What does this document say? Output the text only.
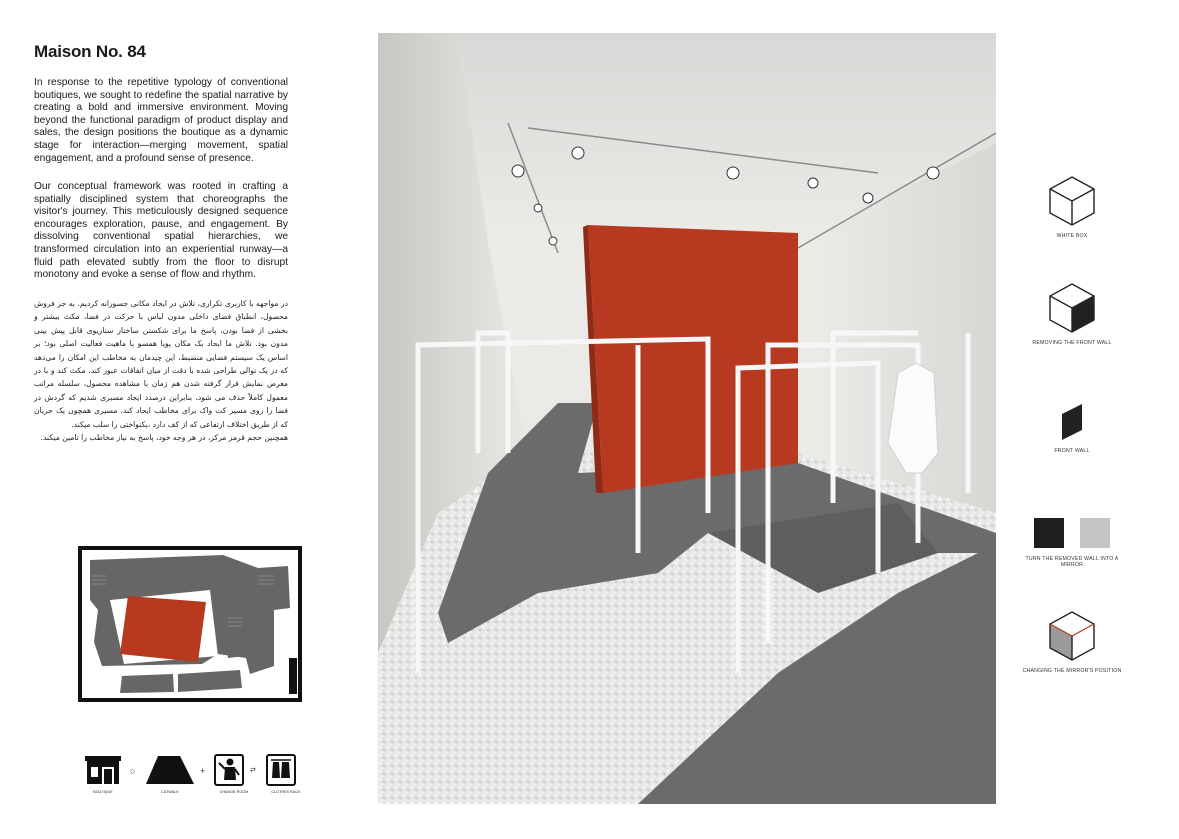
Maison No. 84

In response to the repetitive typology of conventional boutiques, we sought to redefine the spatial narrative by creating a bold and immersive environment. Moving beyond the functional paradigm of product display and sales, the design positions the boutique as a dynamic stage for interaction—merging movement, spatial engagement, and a profound sense of presence.

Our conceptual framework was rooted in crafting a spatially disciplined system that choreographs the visitor's journey. This meticulously designed sequence encourages exploration, pause, and engagement. By dissolving conventional spatial hierarchies, we transformed circulation into an experiential runway—a fluid path elevated subtly from the floor to disrupt monotony and evoke a sense of flow and rhythm.

در مواجهه با کاربری تکراری، تلاش در ایجاد مکانی جسورانه کردیم. به جز فروش محصول، انطباق فضای داخلی مدون لباس با حرکت در فضا، مکث بیشتر و بخشی از فضا بودن، پاسخ ما برای شکستن ساختار سناریوی قابل پیش بینی مدون بود. تلاش ما ایجاد یک مکان پویا همسو با ماهیت فعالیت اصلی بود؛ بر اساس یک سیستم فضایی منضبط، این چیدمان به مخاطب این امکان را می‌دهد که در یک توالی طراحی شده با دقت از میان اتفاقات عبور کند، مکث کند و با در معرض نمایش قرار گرفته شدن هم زمان با مشاهده محصول، سلسله مراتب معمول کاملاً حذف می شود، بنابراین درصدد ایجاد مسیری شدیم که گردش در فضا را روی مسیر کت واک برای مخاطب ایجاد کند، مسیری همچون یک جریان که از طریق اختلاف ارتفاعی که از کف دارد ،یکنواختی را سلب میکند.

همچنین حجم قرمز مرکز، در هر وجه خود، پاسخ به نیاز مخاطب را تامین میکند.

BOUTIQUE
○
CATWALK
+
CHANGE ROOM
⇄
CLOTHES RACK
WHITE BOX
REMOVING THE FRONT WALL
FRONT WALL
TURN THE REMOVED WALL INTO A MIRROR
CHANGING THE MIRROR'S POSITION
